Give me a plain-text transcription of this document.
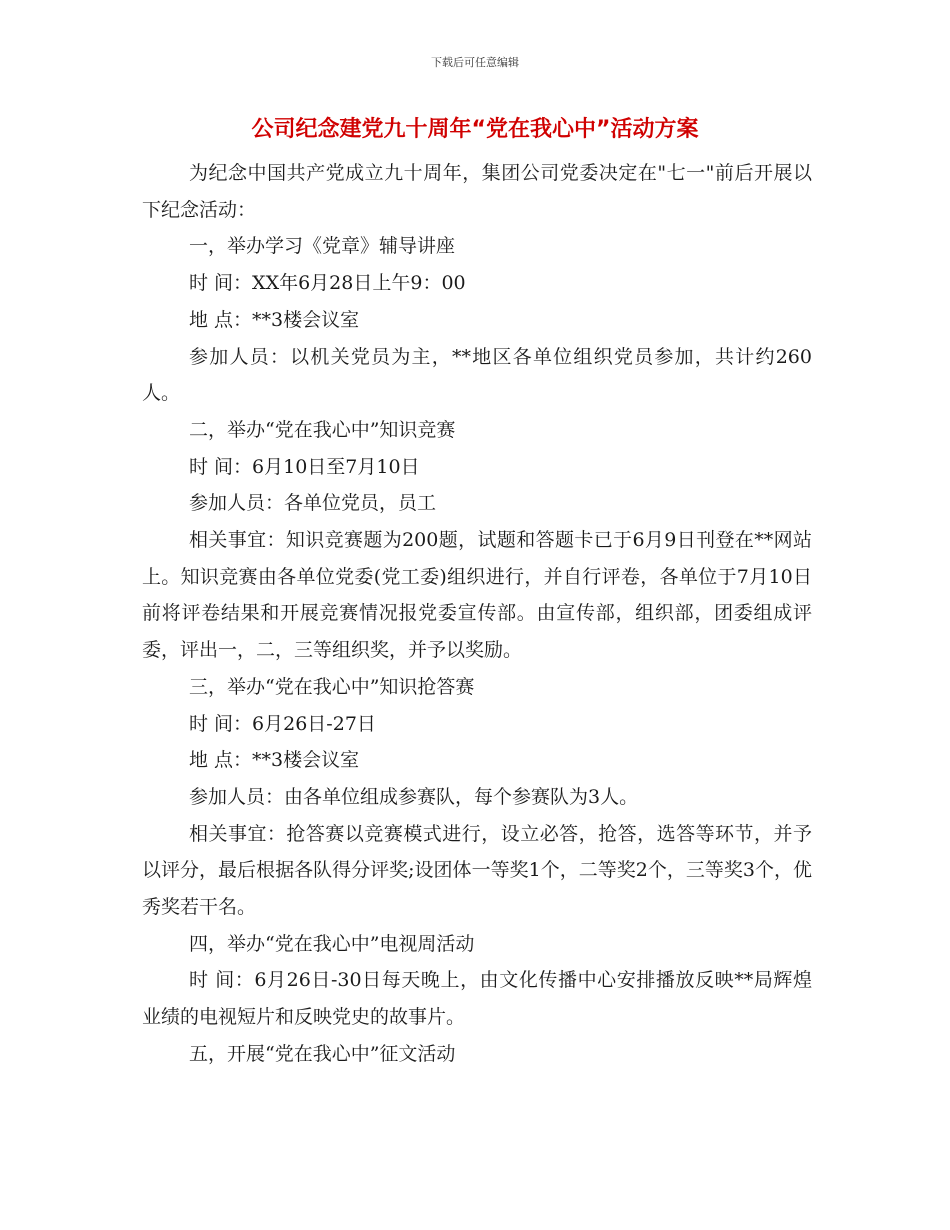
下载后可任意编辑
公司纪念建党九十周年“党在我心中”活动方案

为纪念中国共产党成立九十周年，集团公司党委决定在"七一"前后开展以下纪念活动：

一，举办学习《党章》辅导讲座

时 间：XX年6月28日上午9：00

地 点：**3楼会议室

参加人员：以机关党员为主，**地区各单位组织党员参加，共计约260人。

二，举办“党在我心中”知识竞赛

时 间：6月10日至7月10日

参加人员：各单位党员，员工

相关事宜：知识竞赛题为200题，试题和答题卡已于6月9日刊登在**网站上。知识竞赛由各单位党委(党工委)组织进行，并自行评卷，各单位于7月10日前将评卷结果和开展竞赛情况报党委宣传部。由宣传部，组织部，团委组成评委，评出一，二，三等组织奖，并予以奖励。

三，举办“党在我心中”知识抢答赛

时 间：6月26日-27日

地 点：**3楼会议室

参加人员：由各单位组成参赛队，每个参赛队为3人。

相关事宜：抢答赛以竞赛模式进行，设立必答，抢答，选答等环节，并予以评分，最后根据各队得分评奖;设团体一等奖1个，二等奖2个，三等奖3个，优秀奖若干名。

四，举办“党在我心中”电视周活动

时 间：6月26日-30日每天晚上，由文化传播中心安排播放反映**局辉煌业绩的电视短片和反映党史的故事片。

五，开展“党在我心中”征文活动
